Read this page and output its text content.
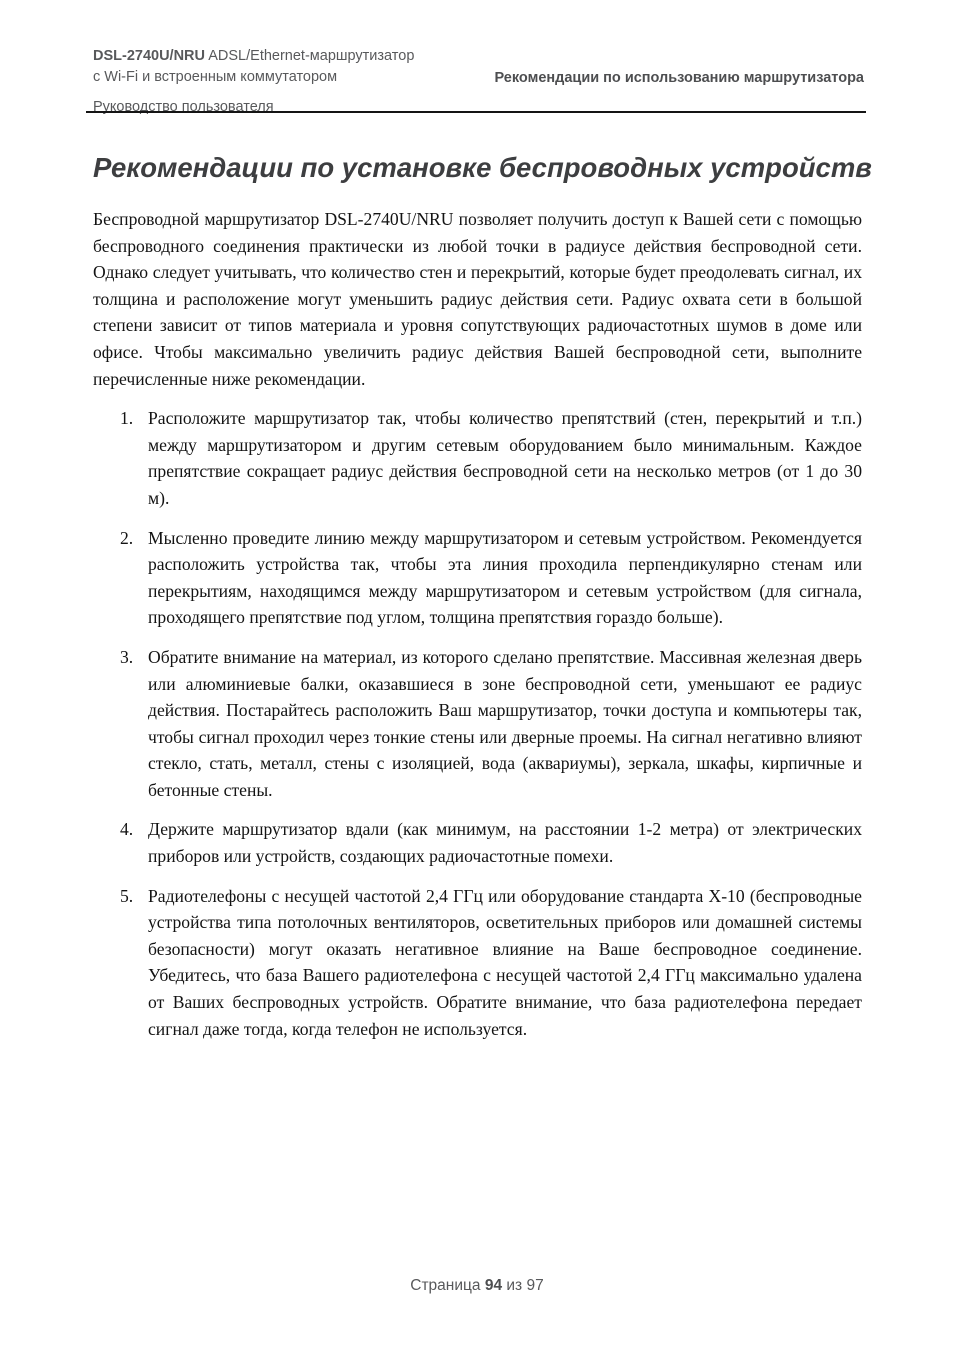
DSL-2740U/NRU ADSL/Ethernet-маршрутизатор
с Wi-Fi и встроенным коммутатором
Руководство пользователя
Рекомендации по использованию маршрутизатора
Рекомендации по установке беспроводных устройств

Беспроводной маршрутизатор DSL-2740U/NRU позволяет получить доступ к Вашей сети с помощью беспроводного соединения практически из любой точки в радиусе действия беспроводной сети. Однако следует учитывать, что количество стен и перекрытий, которые будет преодолевать сигнал, их толщина и расположение могут уменьшить радиус действия сети. Радиус охвата сети в большой степени зависит от типов материала и уровня сопутствующих радиочастотных шумов в доме или офисе. Чтобы максимально увеличить радиус действия Вашей беспроводной сети, выполните перечисленные ниже рекомендации.

1. Расположите маршрутизатор так, чтобы количество препятствий (стен, перекрытий и т.п.) между маршрутизатором и другим сетевым оборудованием было минимальным. Каждое препятствие сокращает радиус действия беспроводной сети на несколько метров (от 1 до 30 м).
2. Мысленно проведите линию между маршрутизатором и сетевым устройством. Рекомендуется расположить устройства так, чтобы эта линия проходила перпендикулярно стенам или перекрытиям, находящимся между маршрутизатором и сетевым устройством (для сигнала, проходящего препятствие под углом, толщина препятствия гораздо больше).
3. Обратите внимание на материал, из которого сделано препятствие. Массивная железная дверь или алюминиевые балки, оказавшиеся в зоне беспроводной сети, уменьшают ее радиус действия. Постарайтесь расположить Ваш маршрутизатор, точки доступа и компьютеры так, чтобы сигнал проходил через тонкие стены или дверные проемы. На сигнал негативно влияют стекло, стать, металл, стены с изоляцией, вода (аквариумы), зеркала, шкафы, кирпичные и бетонные стены.
4. Держите маршрутизатор вдали (как минимум, на расстоянии 1-2 метра) от электрических приборов или устройств, создающих радиочастотные помехи.
5. Радиотелефоны с несущей частотой 2,4 ГГц или оборудование стандарта X-10 (беспроводные устройства типа потолочных вентиляторов, осветительных приборов или домашней системы безопасности) могут оказать негативное влияние на Ваше беспроводное соединение. Убедитесь, что база Вашего радиотелефона с несущей частотой 2,4 ГГц максимально удалена от Ваших беспроводных устройств. Обратите внимание, что база радиотелефона передает сигнал даже тогда, когда телефон не используется.
Страница 94 из 97
